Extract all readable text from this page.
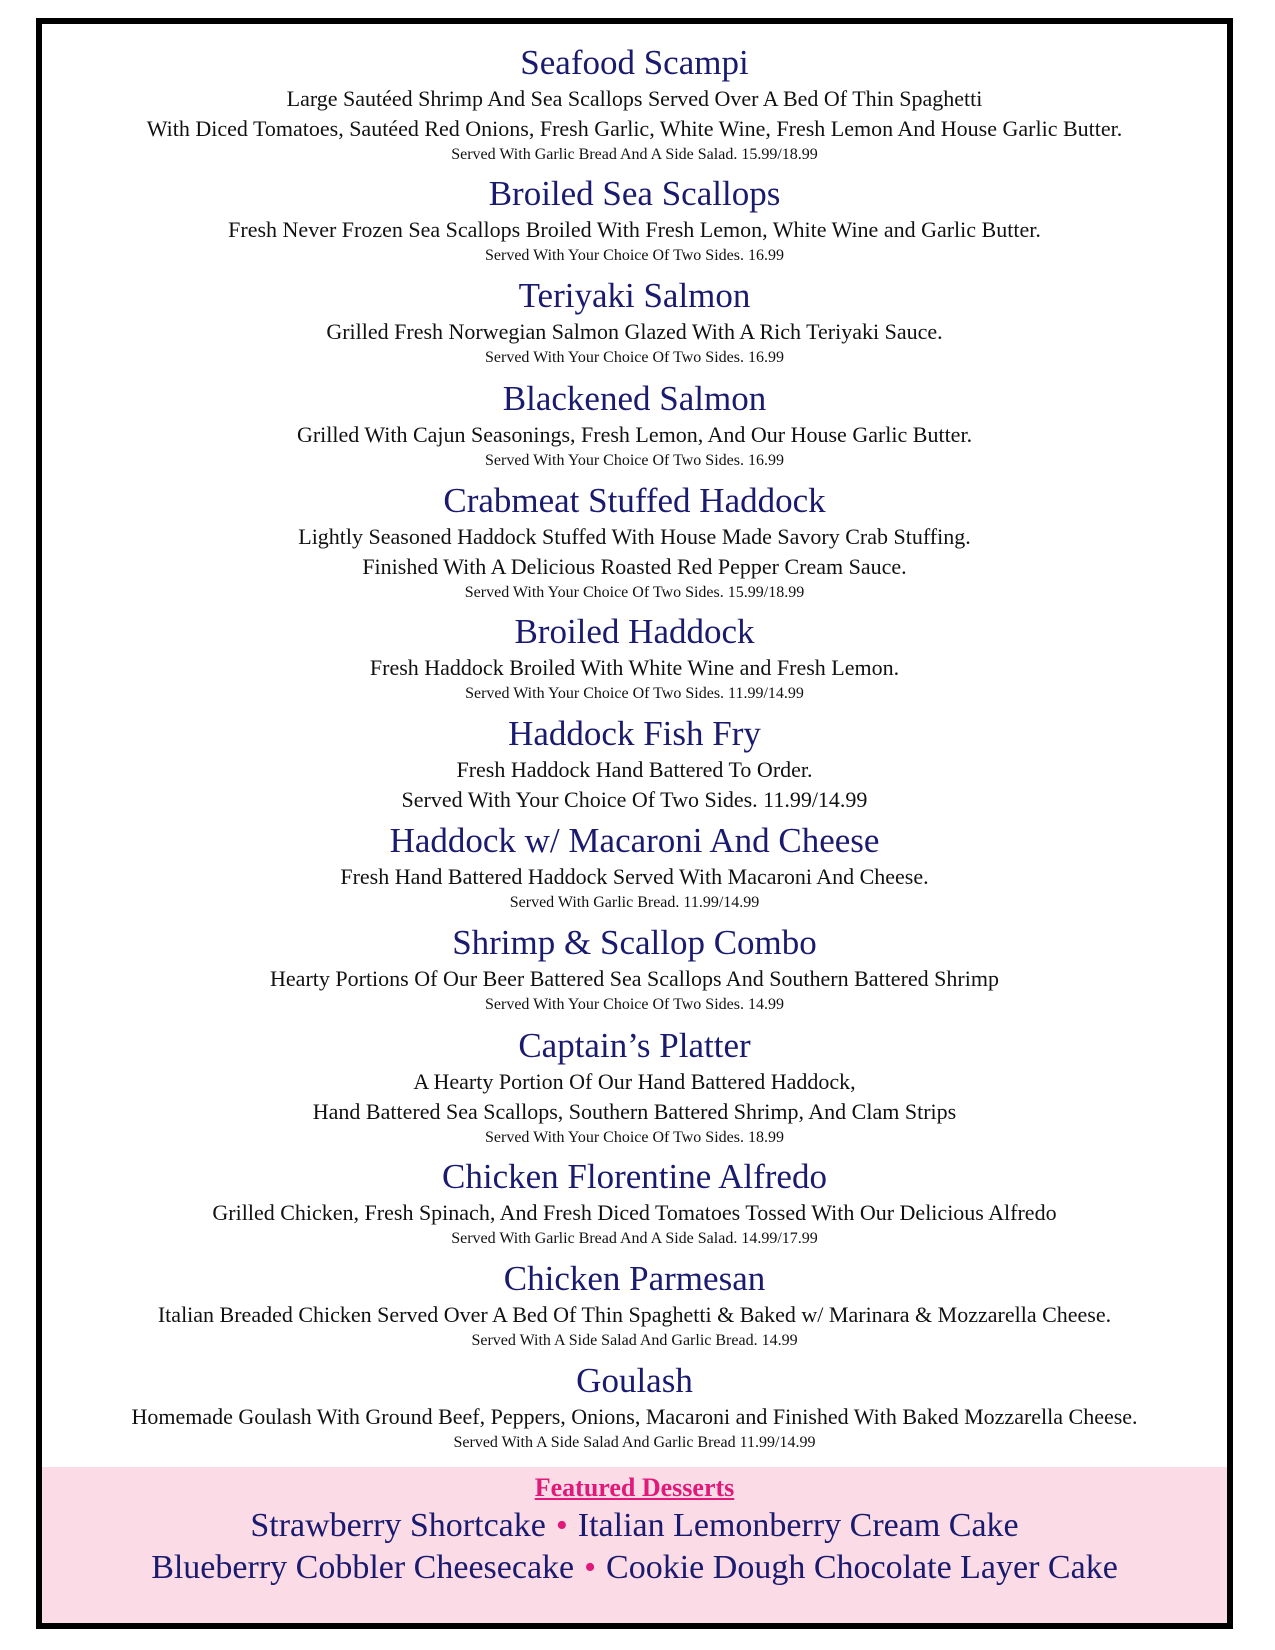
Seafood Scampi
Large Sautéed Shrimp And Sea Scallops Served Over A Bed Of Thin Spaghetti
With Diced Tomatoes, Sautéed Red Onions, Fresh Garlic, White Wine, Fresh Lemon And House Garlic Butter.
Served With Garlic Bread And A Side Salad. 15.99/18.99
Broiled Sea Scallops
Fresh Never Frozen Sea Scallops Broiled With Fresh Lemon, White Wine and Garlic Butter.
Served With Your Choice Of Two Sides. 16.99
Teriyaki Salmon
Grilled Fresh Norwegian Salmon Glazed With A Rich Teriyaki Sauce.
Served With Your Choice Of Two Sides. 16.99
Blackened Salmon
Grilled With Cajun Seasonings, Fresh Lemon, And Our House Garlic Butter.
Served With Your Choice Of Two Sides. 16.99
Crabmeat Stuffed Haddock
Lightly Seasoned Haddock Stuffed With House Made Savory Crab Stuffing.
Finished With A Delicious Roasted Red Pepper Cream Sauce.
Served With Your Choice Of Two Sides. 15.99/18.99
Broiled Haddock
Fresh Haddock Broiled With White Wine and Fresh Lemon.
Served With Your Choice Of Two Sides. 11.99/14.99
Haddock Fish Fry
Fresh Haddock Hand Battered To Order.
Served With Your Choice Of Two Sides. 11.99/14.99
Haddock w/ Macaroni And Cheese
Fresh Hand Battered Haddock Served With Macaroni And Cheese.
Served With Garlic Bread. 11.99/14.99
Shrimp & Scallop Combo
Hearty Portions Of Our Beer Battered Sea Scallops And Southern Battered Shrimp
Served With Your Choice Of Two Sides. 14.99
Captain’s Platter
A Hearty Portion Of Our Hand Battered Haddock,
Hand Battered Sea Scallops, Southern Battered Shrimp, And Clam Strips
Served With Your Choice Of Two Sides. 18.99
Chicken Florentine Alfredo
Grilled Chicken, Fresh Spinach, And Fresh Diced Tomatoes Tossed With Our Delicious Alfredo
Served With Garlic Bread And A Side Salad. 14.99/17.99
Chicken Parmesan
Italian Breaded Chicken Served Over A Bed Of Thin Spaghetti & Baked w/ Marinara & Mozzarella Cheese.
Served With A Side Salad And Garlic Bread. 14.99
Goulash
Homemade Goulash With Ground Beef, Peppers, Onions, Macaroni and Finished With Baked Mozzarella Cheese.
Served With A Side Salad And Garlic Bread 11.99/14.99
Featured Desserts
Strawberry Shortcake • Italian Lemonberry Cream Cake
Blueberry Cobbler Cheesecake • Cookie Dough Chocolate Layer Cake
